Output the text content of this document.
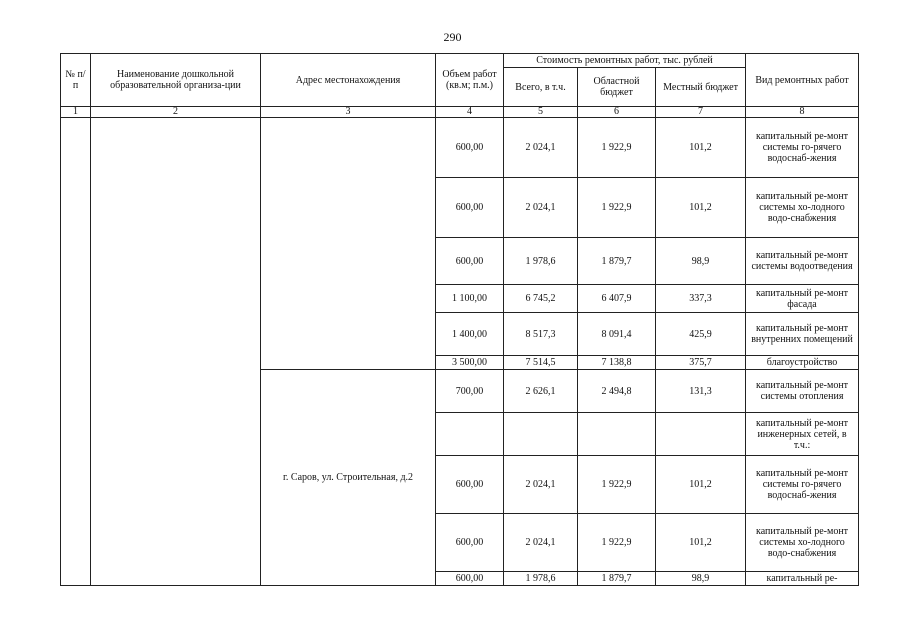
290
№ п/п	Наименование дошкольной образовательной организа-ции	Адрес местонахождения	Объем работ (кв.м; п.м.)	Стоимость ремонтных работ, тыс. рублей			Вид ремонтных работ
				Всего, в т.ч.	Областной бюджет	Местный бюджет	
1	2	3	4	5	6	7	8
			600,00	2 024,1	1 922,9	101,2	капитальный ре-монт системы го-рячего водоснаб-жения
			600,00	2 024,1	1 922,9	101,2	капитальный ре-монт системы хо-лодного водо-снабжения
			600,00	1 978,6	1 879,7	98,9	капитальный ре-монт системы водоотведения
			1 100,00	6 745,2	6 407,9	337,3	капитальный ре-монт фасада
			1 400,00	8 517,3	8 091,4	425,9	капитальный ре-монт внутренних помещений
			3 500,00	7 514,5	7 138,8	375,7	благоустройство
		г. Саров, ул. Строительная, д.2	700,00	2 626,1	2 494,8	131,3	капитальный ре-монт системы отопления
							капитальный ре-монт инженерных сетей, в т.ч.:
			600,00	2 024,1	1 922,9	101,2	капитальный ре-монт системы го-рячего водоснаб-жения
			600,00	2 024,1	1 922,9	101,2	капитальный ре-монт системы хо-лодного водо-снабжения
			600,00	1 978,6	1 879,7	98,9	капитальный ре-
